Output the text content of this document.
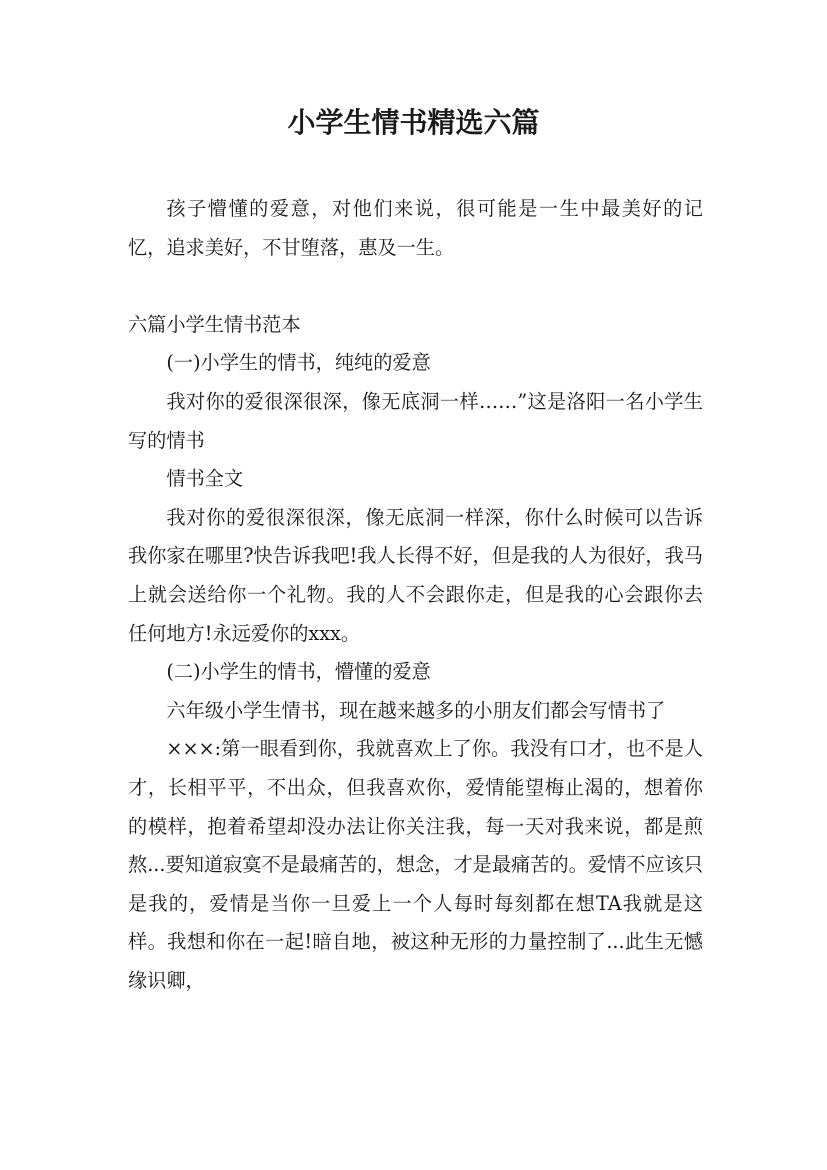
小学生情书精选六篇

孩子懵懂的爱意，对他们来说，很可能是一生中最美好的记忆，追求美好，不甘堕落，惠及一生。

六篇小学生情书范本

(一)小学生的情书，纯纯的爱意

我对你的爱很深很深，像无底洞一样……”这是洛阳一名小学生写的情书

情书全文

我对你的爱很深很深，像无底洞一样深，你什么时候可以告诉我你家在哪里?快告诉我吧!我人长得不好，但是我的人为很好，我马上就会送给你一个礼物。我的人不会跟你走，但是我的心会跟你去任何地方!永远爱你的xxx。

(二)小学生的情书，懵懂的爱意

六年级小学生情书，现在越来越多的小朋友们都会写情书了

×××:第一眼看到你，我就喜欢上了你。我没有口才，也不是人才，长相平平，不出众，但我喜欢你，爱情能望梅止渴的，想着你的模样，抱着希望却没办法让你关注我，每一天对我来说，都是煎熬...要知道寂寞不是最痛苦的，想念，才是最痛苦的。爱情不应该只是我的，爱情是当你一旦爱上一个人每时每刻都在想TA我就是这样。我想和你在一起!暗自地，被这种无形的力量控制了...此生无憾缘识卿，
